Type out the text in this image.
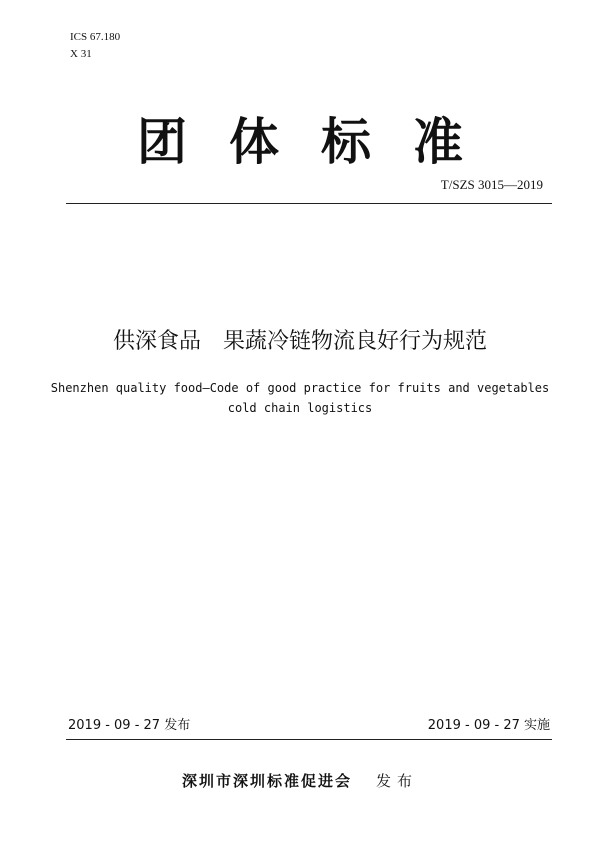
ICS 67.180
X 31
团体标准
T/SZS 3015—2019
供深食品　果蔬冷链物流良好行为规范
Shenzhen quality food—Code of good practice for fruits and vegetables
cold chain logistics
2019 - 09 - 27 发布	2019 - 09 - 27 实施
深圳市深圳标准促进会 发布
